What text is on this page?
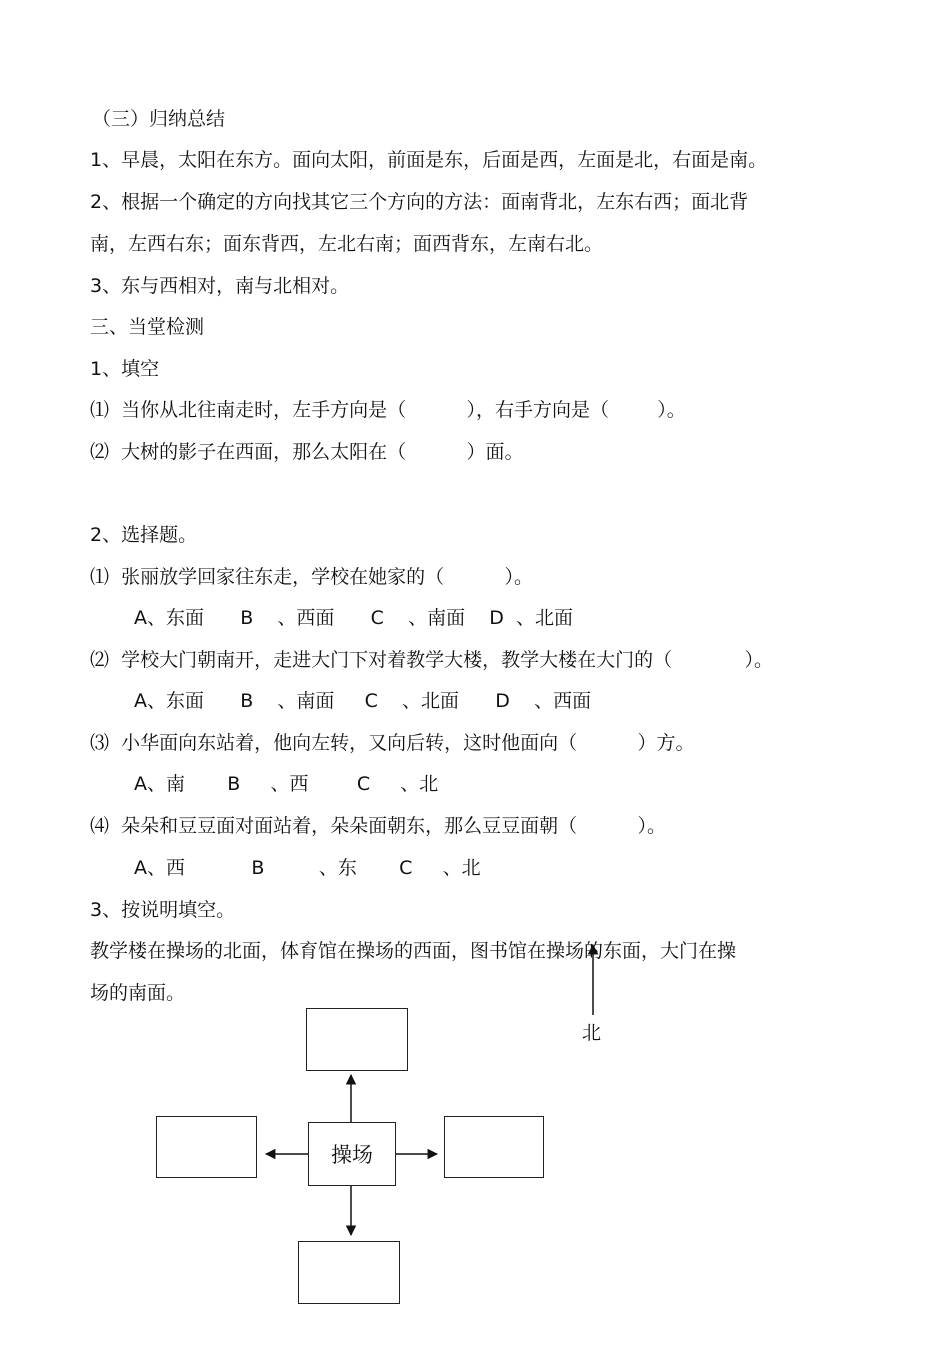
（三）归纳总结
1、早晨，太阳在东方。面向太阳，前面是东，后面是西，左面是北，右面是南。
2、根据一个确定的方向找其它三个方向的方法：面南背北，左东右西；面北背
南，左西右东；面东背西，左北右南；面西背东，左南右北。
3、东与西相对，南与北相对。
三、当堂检测
1、填空
⑴  当你从北往南走时，左手方向是（          ），右手方向是（        ）。
⑵  大树的影子在西面，那么太阳在（          ）面。
2、选择题。
⑴  张丽放学回家往东走，学校在她家的（          ）。
A、东面      B    、西面      C    、南面    D  、北面
⑵  学校大门朝南开，走进大门下对着教学大楼，教学大楼在大门的（            ）。
A、东面      B    、南面     C    、北面      D    、西面
⑶  小华面向东站着，他向左转，又向后转，这时他面向（          ）方。
A、南       B     、西        C     、北
⑷  朵朵和豆豆面对面站着，朵朵面朝东，那么豆豆面朝（          ）。
A、西           B         、东       C     、北
3、按说明填空。
教学楼在操场的北面，体育馆在操场的西面，图书馆在操场的东面，大门在操
场的南面。
北
操场
